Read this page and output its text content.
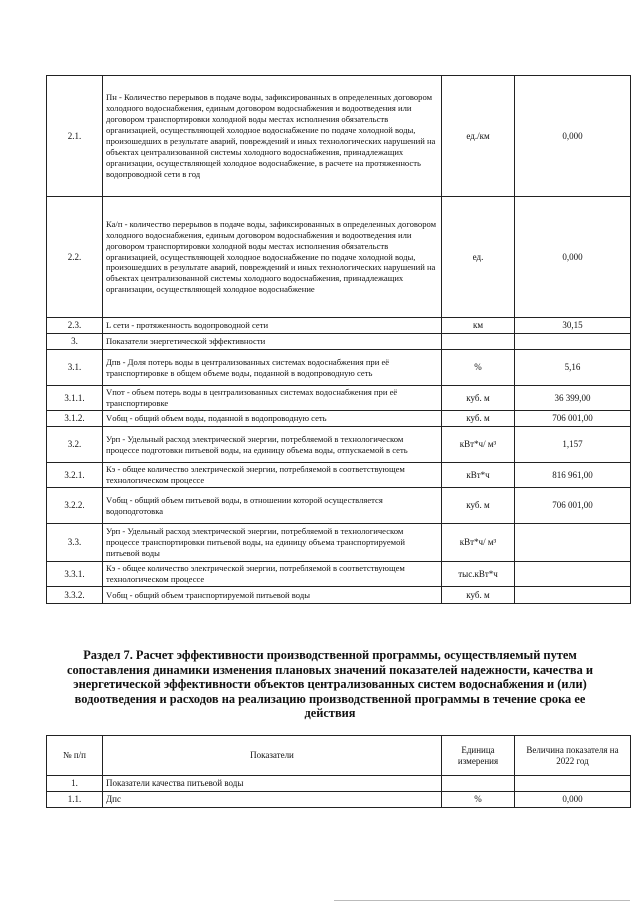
2.1.	Пн - Количество перерывов в подаче воды, зафиксированных в определенных договором холодного водоснабжения, единым договором водоснабжения и водоотведения или договором транспортировки холодной воды местах исполнения обязательств организацией, осуществляющей холодное водоснабжение по подаче холодной воды, произошедших в результате аварий, повреждений и иных технологических нарушений на объектах централизованной системы холодного водоснабжения, принадлежащих организации, осуществляющей холодное водоснабжение, в расчете на протяженность водопроводной сети в год	ед./км	0,000
2.2.	Ка/п - количество перерывов в подаче воды, зафиксированных в определенных договором холодного водоснабжения, единым договором водоснабжения и водоотведения или договором транспортировки холодной воды местах исполнения обязательств организацией, осуществляющей холодное водоснабжение по подаче холодной воды, произошедших в результате аварий, повреждений и иных технологических нарушений на объектах централизованной системы холодного водоснабжения, принадлежащих организации, осуществляющей холодное водоснабжение	ед.	0,000
2.3.	L сети - протяженность водопроводной сети	км	30,15
3.	Показатели энергетической эффективности		
3.1.	Дпв - Доля потерь воды в централизованных системах водоснабжения при её транспортировке в общем объеме воды, поданной в водопроводную сеть	%	5,16
3.1.1.	Vпот - объем потерь воды в централизованных системах водоснабжения при её транспортировке	куб. м	36 399,00
3.1.2.	Vобщ - общий объем воды, поданной в водопроводную сеть	куб. м	706 001,00
3.2.	Урп - Удельный расход электрической энергии, потребляемой в технологическом процессе подготовки питьевой воды, на единицу объема воды, отпускаемой в сеть	кВт*ч/ м³	1,157
3.2.1.	Кэ - общее количество электрической энергии, потребляемой в соответствующем технологическом процессе	кВт*ч	816 961,00
3.2.2.	Vобщ - общий объем питьевой воды, в отношении которой осуществляется водоподготовка	куб. м	706 001,00
3.3.	Урп - Удельный расход электрической энергии, потребляемой в технологическом процессе транспортировки питьевой воды, на единицу объема транспортируемой питьевой воды	кВт*ч/ м³	
3.3.1.	Кэ - общее количество электрической энергии, потребляемой в соответствующем технологическом процессе	тыс.кВт*ч	
3.3.2.	Vобщ - общий объем транспортируемой питьевой воды	куб. м	
Раздел 7. Расчет эффективности производственной программы, осуществляемый путем сопоставления динамики изменения плановых значений показателей надежности, качества и энергетической эффективности объектов централизованных систем водоснабжения и (или) водоотведения и расходов на реализацию производственной программы в течение срока ее действия
№ п/п	Показатели	Единица измерения	Величина показателя на 2022 год
1.	Показатели качества питьевой воды		
1.1.	Дпс	%	0,000
